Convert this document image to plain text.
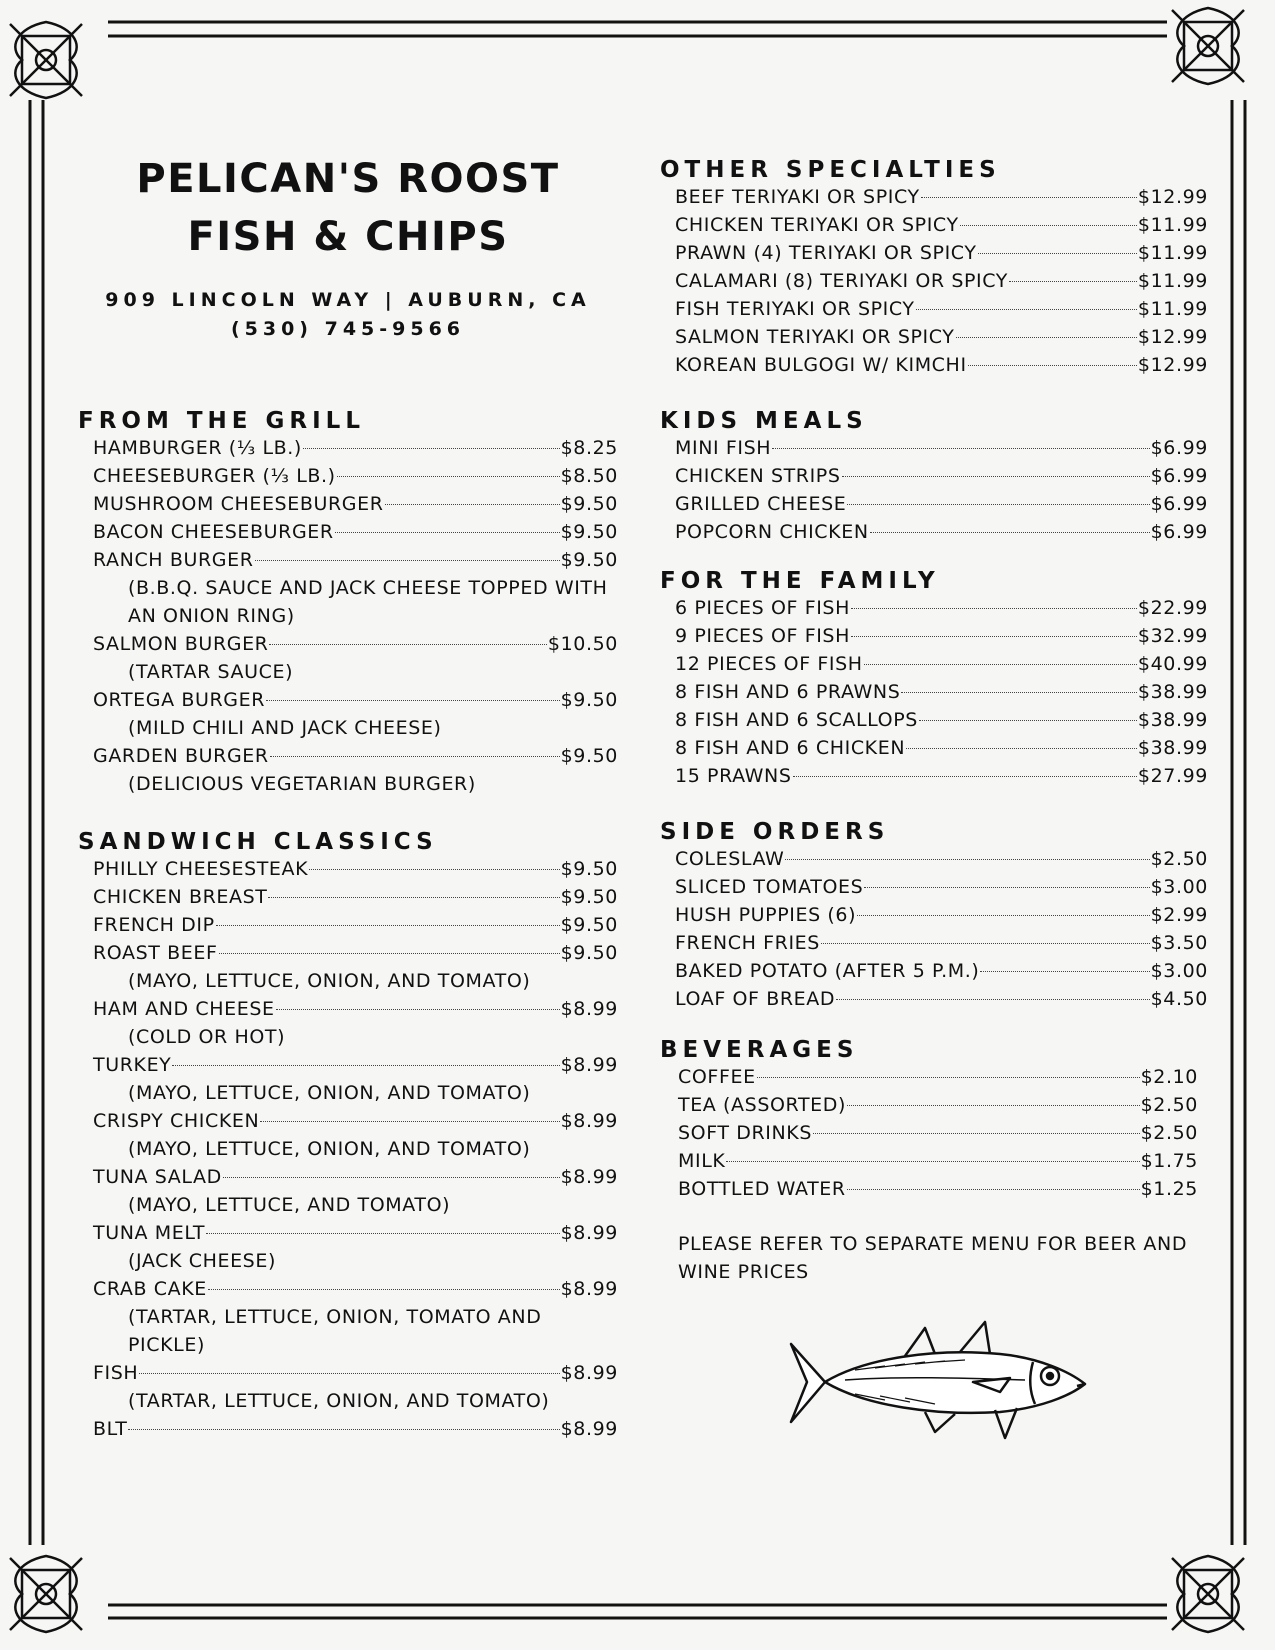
PELICAN'S ROOST
FISH & CHIPS
909 LINCOLN WAY | AUBURN, CA
(530) 745-9566
FROM THE GRILL
HAMBURGER (⅓ LB.)	$8.25
CHEESEBURGER (⅓ LB.)	$8.50
MUSHROOM CHEESEBURGER	$9.50
BACON CHEESEBURGER	$9.50
RANCH BURGER	$9.50
(B.B.Q. SAUCE AND JACK CHEESE TOPPED WITH AN ONION RING)
SALMON BURGER	$10.50
(TARTAR SAUCE)
ORTEGA BURGER	$9.50
(MILD CHILI AND JACK CHEESE)
GARDEN BURGER	$9.50
(DELICIOUS VEGETARIAN BURGER)
SANDWICH CLASSICS
PHILLY CHEESESTEAK	$9.50
CHICKEN BREAST	$9.50
FRENCH DIP	$9.50
ROAST BEEF	$9.50
(MAYO, LETTUCE, ONION, AND TOMATO)
HAM AND CHEESE	$8.99
(COLD OR HOT)
TURKEY	$8.99
(MAYO, LETTUCE, ONION, AND TOMATO)
CRISPY CHICKEN	$8.99
(MAYO, LETTUCE, ONION, AND TOMATO)
TUNA SALAD	$8.99
(MAYO, LETTUCE, AND TOMATO)
TUNA MELT	$8.99
(JACK CHEESE)
CRAB CAKE	$8.99
(TARTAR, LETTUCE, ONION, TOMATO AND PICKLE)
FISH	$8.99
(TARTAR, LETTUCE, ONION, AND TOMATO)
BLT	$8.99
OTHER SPECIALTIES
BEEF TERIYAKI OR SPICY	$12.99
CHICKEN TERIYAKI OR SPICY	$11.99
PRAWN (4) TERIYAKI OR SPICY	$11.99
CALAMARI (8) TERIYAKI OR SPICY	$11.99
FISH TERIYAKI OR SPICY	$11.99
SALMON TERIYAKI OR SPICY	$12.99
KOREAN BULGOGI W/ KIMCHI	$12.99
KIDS MEALS
MINI FISH	$6.99
CHICKEN STRIPS	$6.99
GRILLED CHEESE	$6.99
POPCORN CHICKEN	$6.99
FOR THE FAMILY
6 PIECES OF FISH	$22.99
9 PIECES OF FISH	$32.99
12 PIECES OF FISH	$40.99
8 FISH AND 6 PRAWNS	$38.99
8 FISH AND 6 SCALLOPS	$38.99
8 FISH AND 6 CHICKEN	$38.99
15 PRAWNS	$27.99
SIDE ORDERS
COLESLAW	$2.50
SLICED TOMATOES	$3.00
HUSH PUPPIES (6)	$2.99
FRENCH FRIES	$3.50
BAKED POTATO (AFTER 5 P.M.)	$3.00
LOAF OF BREAD	$4.50
BEVERAGES
COFFEE	$2.10
TEA (ASSORTED)	$2.50
SOFT DRINKS	$2.50
MILK	$1.75
BOTTLED WATER	$1.25
PLEASE REFER TO SEPARATE MENU FOR BEER AND WINE PRICES
